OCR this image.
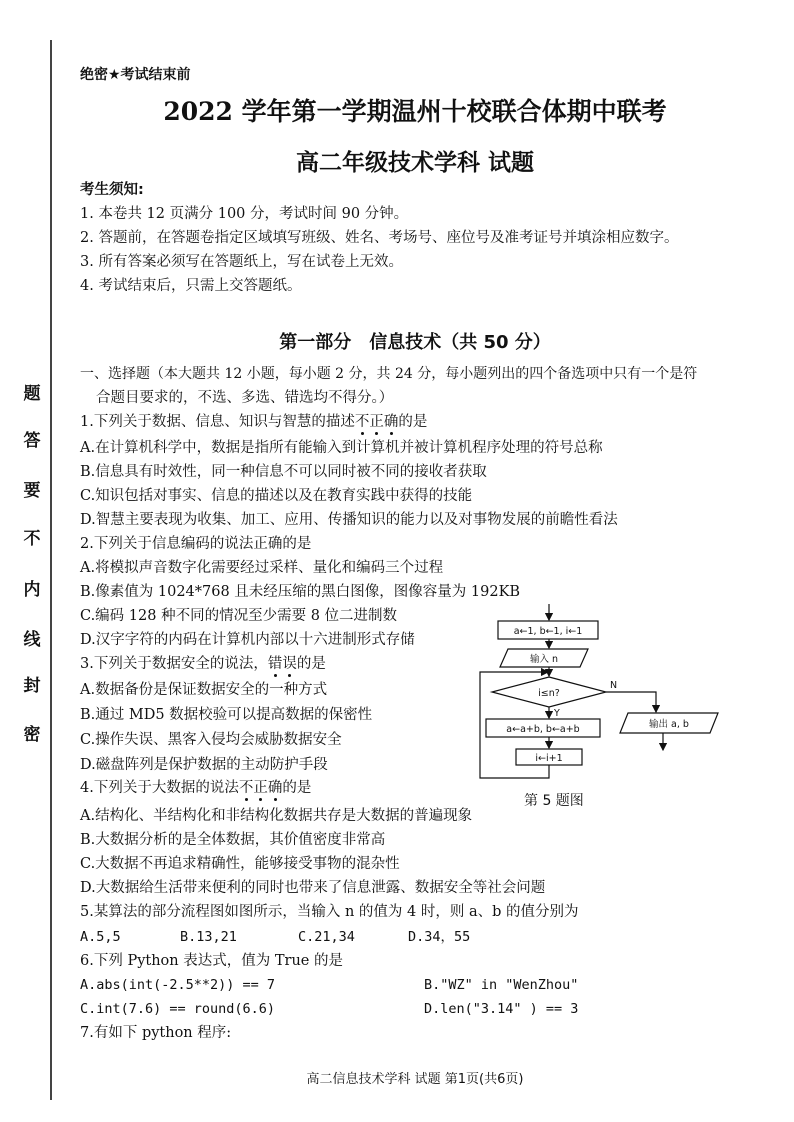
题
答
要
不
内
线
封
密
绝密★考试结束前
2022 学年第一学期温州十校联合体期中联考
高二年级技术学科 试题
考生须知:
1. 本卷共 12 页满分 100 分，考试时间 90 分钟。
2. 答题前，在答题卷指定区域填写班级、姓名、考场号、座位号及准考证号并填涂相应数字。
3. 所有答案必须写在答题纸上，写在试卷上无效。
4. 考试结束后，只需上交答题纸。
第一部分　信息技术（共 50 分）
一、选择题（本大题共 12 小题，每小题 2 分，共 24 分，每小题列出的四个备选项中只有一个是符
合题目要求的，不选、多选、错选均不得分。）
1.下列关于数据、信息、知识与智慧的描述不正确的是
A.在计算机科学中，数据是指所有能输入到计算机并被计算机程序处理的符号总称
B.信息具有时效性，同一种信息不可以同时被不同的接收者获取
C.知识包括对事实、信息的描述以及在教育实践中获得的技能
D.智慧主要表现为收集、加工、应用、传播知识的能力以及对事物发展的前瞻性看法
2.下列关于信息编码的说法正确的是
A.将模拟声音数字化需要经过采样、量化和编码三个过程
B.像素值为 1024*768 且未经压缩的黑白图像，图像容量为 192KB
C.编码 128 种不同的情况至少需要 8 位二进制数
D.汉字字符的内码在计算机内部以十六进制形式存储
3.下列关于数据安全的说法，错误的是
A.数据备份是保证数据安全的一种方式
B.通过 MD5 数据校验可以提高数据的保密性
C.操作失误、黑客入侵均会威胁数据安全
D.磁盘阵列是保护数据的主动防护手段
4.下列关于大数据的说法不正确的是
A.结构化、半结构化和非结构化数据共存是大数据的普遍现象
B.大数据分析的是全体数据，其价值密度非常高
C.大数据不再追求精确性，能够接受事物的混杂性
D.大数据给生活带来便利的同时也带来了信息泄露、数据安全等社会问题
5.某算法的部分流程图如图所示，当输入 n 的值为 4 时，则 a、b 的值分别为
A.5,5	B.13,21	C.21,34	D.34，55
6.下列 Python 表达式，值为 True 的是
A.abs(int(-2.5**2)) == 7	B."WZ" in "WenZhou"
C.int(7.6) == round(6.6)	D.len("3.14" ) == 3
7.有如下 python 程序:
a←1, b←1, i←1
输入 n
i≤n?
Y
N
a←a+b, b←a+b
i←i+1
输出 a, b
第 5 题图
高二信息技术学科 试题 第1页(共6页)
